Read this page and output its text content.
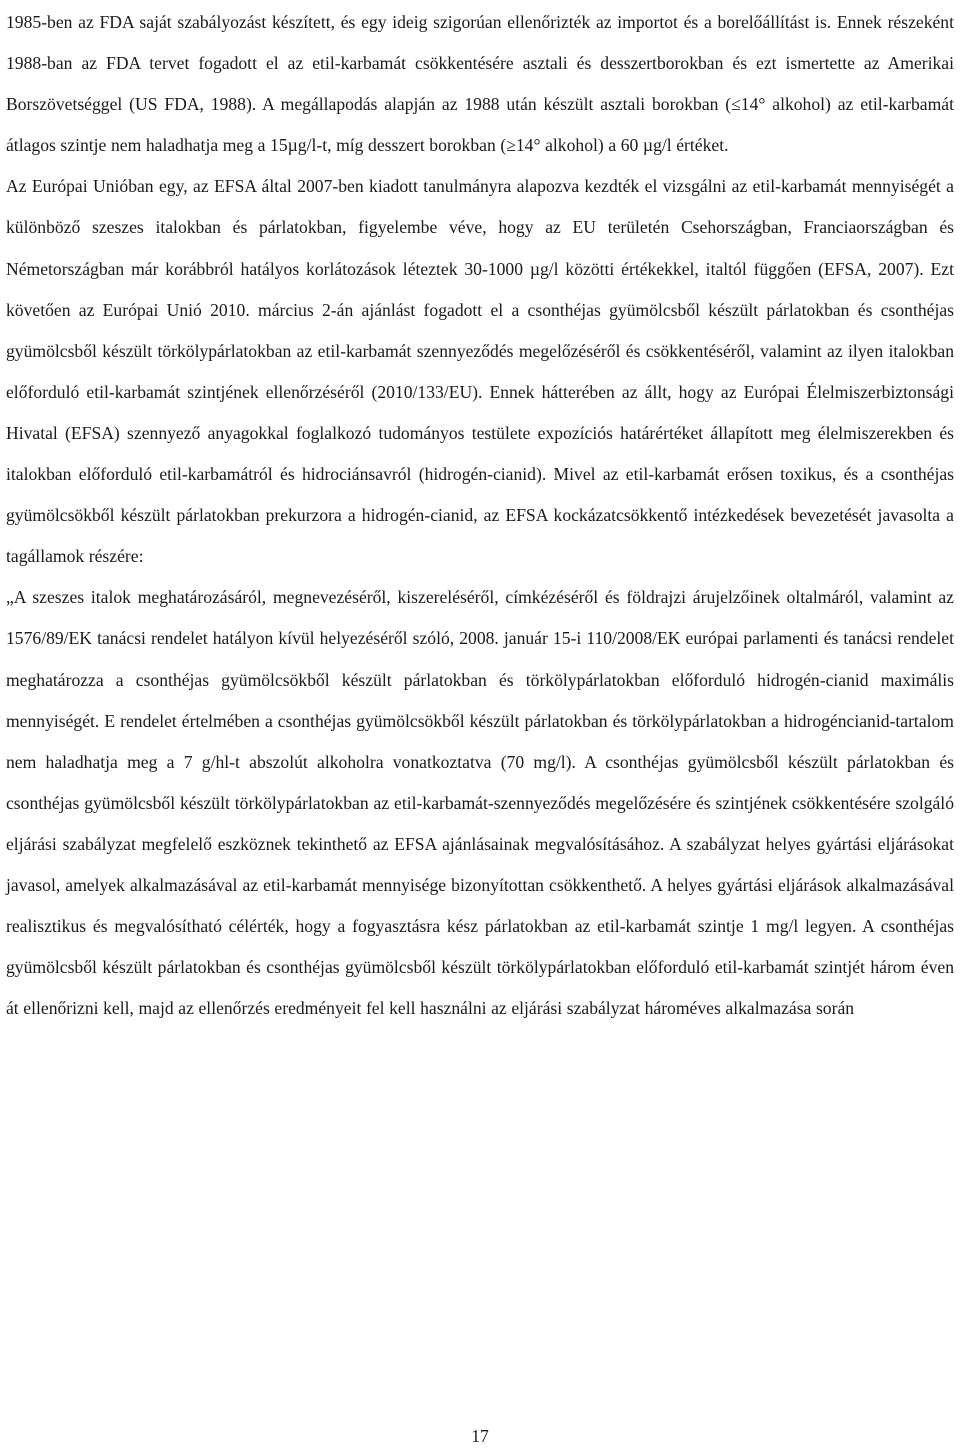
1985-ben az FDA saját szabályozást készített, és egy ideig szigorúan ellenőrizték az importot és a borelőállítást is. Ennek részeként 1988-ban az FDA tervet fogadott el az etil-karbamát csökkentésére asztali és desszertborokban és ezt ismertette az Amerikai Borszövetséggel (US FDA, 1988). A megállapodás alapján az 1988 után készült asztali borokban (≤14° alkohol) az etil-karbamát átlagos szintje nem haladhatja meg a 15µg/l-t, míg desszert borokban (≥14° alkohol) a 60 µg/l értéket.

Az Európai Unióban egy, az EFSA által 2007-ben kiadott tanulmányra alapozva kezdték el vizsgálni az etil-karbamát mennyiségét a különböző szeszes italokban és párlatokban, figyelembe véve, hogy az EU területén Csehországban, Franciaországban és Németországban már korábbról hatályos korlátozások léteztek 30-1000 µg/l közötti értékekkel, italtól függően (EFSA, 2007). Ezt követően az Európai Unió 2010. március 2-án ajánlást fogadott el a csonthéjas gyümölcsből készült párlatokban és csonthéjas gyümölcsből készült törkölypárlatokban az etil-karbamát szennyeződés megelőzéséről és csökkentéséről, valamint az ilyen italokban előforduló etil-karbamát szintjének ellenőrzéséről (2010/133/EU). Ennek hátterében az állt, hogy az Európai Élelmiszerbiztonsági Hivatal (EFSA) szennyező anyagokkal foglalkozó tudományos testülete expozíciós határértéket állapított meg élelmiszerekben és italokban előforduló etil-karbamátról és hidrociánsavról (hidrogén-cianid). Mivel az etil-karbamát erősen toxikus, és a csonthéjas gyümölcsökből készült párlatokban prekurzora a hidrogén-cianid, az EFSA kockázatcsökkentő intézkedések bevezetését javasolta a tagállamok részére:

„A szeszes italok meghatározásáról, megnevezéséről, kiszereléséről, címkézéséről és földrajzi árujelzőinek oltalmáról, valamint az 1576/89/EK tanácsi rendelet hatályon kívül helyezéséről szóló, 2008. január 15-i 110/2008/EK európai parlamenti és tanácsi rendelet meghatározza a csonthéjas gyümölcsökből készült párlatokban és törkölypárlatokban előforduló hidrogén-cianid maximális mennyiségét. E rendelet értelmében a csonthéjas gyümölcsökből készült párlatokban és törkölypárlatokban a hidrogéncianid-tartalom nem haladhatja meg a 7 g/hl-t abszolút alkoholra vonatkoztatva (70 mg/l). A csonthéjas gyümölcsből készült párlatokban és csonthéjas gyümölcsből készült törkölypárlatokban az etil-karbamát-szennyeződés megelőzésére és szintjének csökkentésére szolgáló eljárási szabályzat megfelelő eszköznek tekinthető az EFSA ajánlásainak megvalósításához. A szabályzat helyes gyártási eljárásokat javasol, amelyek alkalmazásával az etil-karbamát mennyisége bizonyítottan csökkenthető. A helyes gyártási eljárások alkalmazásával realisztikus és megvalósítható célérték, hogy a fogyasztásra kész párlatokban az etil-karbamát szintje 1 mg/l legyen. A csonthéjas gyümölcsből készült párlatokban és csonthéjas gyümölcsből készült törkölypárlatokban előforduló etil-karbamát szintjét három éven át ellenőrizni kell, majd az ellenőrzés eredményeit fel kell használni az eljárási szabályzat hároméves alkalmazása során

17
